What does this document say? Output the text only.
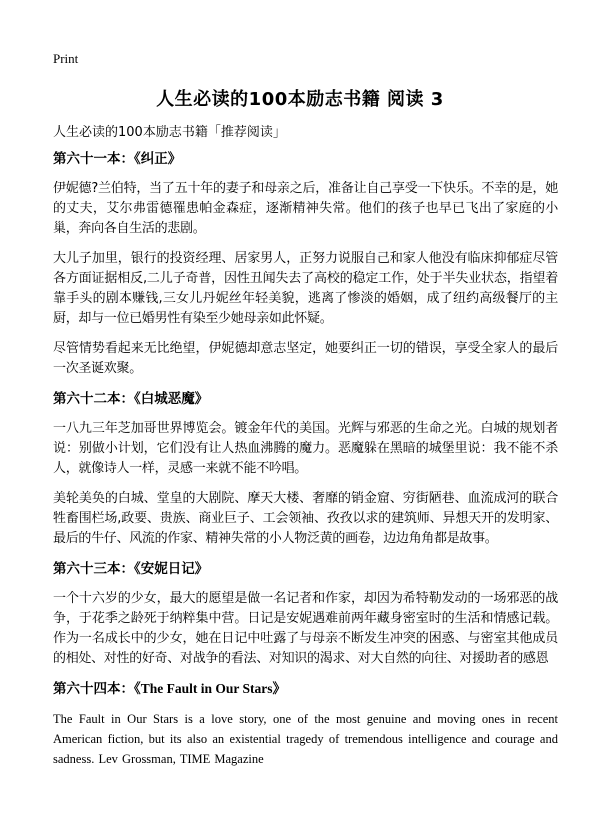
Print
人生必读的100本励志书籍 阅读 3
人生必读的100本励志书籍「推荐阅读」
第六十一本：《纠正》

伊妮德?兰伯特，当了五十年的妻子和母亲之后，准备让自己享受一下快乐。不幸的是，她的丈夫，艾尔弗雷德罹患帕金森症，逐渐精神失常。他们的孩子也早已飞出了家庭的小巢，奔向各自生活的悲剧。

大儿子加里，银行的投资经理、居家男人，正努力说服自己和家人他没有临床抑郁症尽管各方面证据相反,二儿子奇普，因性丑闻失去了高校的稳定工作，处于半失业状态，指望着靠手头的剧本赚钱,三女儿丹妮丝年轻美貌，逃离了惨淡的婚姻，成了纽约高级餐厅的主厨，却与一位已婚男性有染至少她母亲如此怀疑。

尽管情势看起来无比绝望，伊妮德却意志坚定，她要纠正一切的错误，享受全家人的最后一次圣诞欢聚。

第六十二本：《白城恶魔》

一八九三年芝加哥世界博览会。镀金年代的美国。光辉与邪恶的生命之光。白城的规划者说：别做小计划，它们没有让人热血沸腾的魔力。恶魔躲在黑暗的城堡里说：我不能不杀人，就像诗人一样，灵感一来就不能不吟唱。

美轮美奂的白城、堂皇的大剧院、摩天大楼、奢靡的销金窟、穷街陋巷、血流成河的联合牲畜围栏场,政要、贵族、商业巨子、工会领袖、孜孜以求的建筑师、异想天开的发明家、最后的牛仔、风流的作家、精神失常的小人物泛黄的画卷，边边角角都是故事。

第六十三本：《安妮日记》

一个十六岁的少女，最大的愿望是做一名记者和作家，却因为希特勒发动的一场邪恶的战争，于花季之龄死于纳粹集中营。日记是安妮遇难前两年藏身密室时的生活和情感记载。作为一名成长中的少女，她在日记中吐露了与母亲不断发生冲突的困惑、与密室其他成员的相处、对性的好奇、对战争的看法、对知识的渴求、对大自然的向往、对援助者的感恩

第六十四本：《The Fault in Our Stars》

The Fault in Our Stars is a love story, one of the most genuine and moving ones in recent American fiction, but its also an existential tragedy of tremendous intelligence and courage and sadness. Lev Grossman, TIME Magazine
